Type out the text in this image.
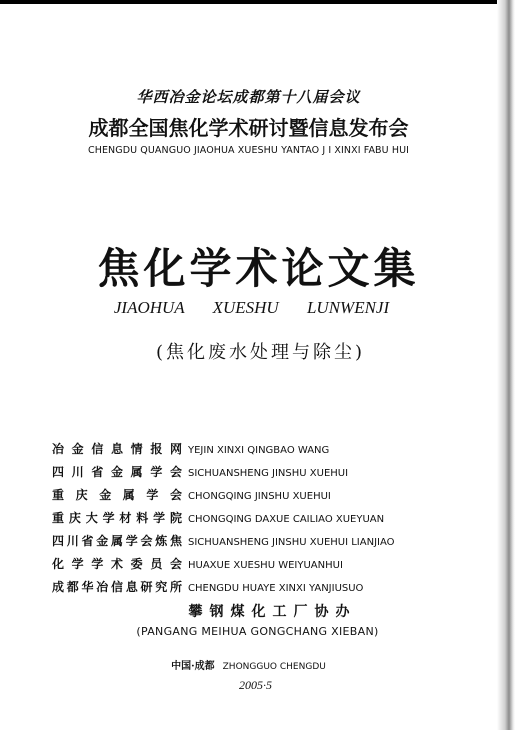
华西冶金论坛成都第十八届会议
成都全国焦化学术研讨暨信息发布会
CHENGDU QUANGUO JIAOHUA XUESHU YANTAO J I XINXI FABU HUI
焦化学术论文集
JIAOHUA XUESHU LUNWENJI
(焦化废水处理与除尘)
冶金信息情报网 YEJIN XINXI QINGBAO WANG
四川省金属学会 SICHUANSHENG JINSHU XUEHUI
重庆金属学会 CHONGQING JINSHU XUEHUI
重庆大学材料学院 CHONGQING DAXUE CAILIAO XUEYUAN
四川省金属学会炼焦 SICHUANSHENG JINSHU XUEHUI LIANJIAO
化学学术委员会 HUAXUE XUESHU WEIYUANHUI
成都华冶信息研究所 CHENGDU HUAYE XINXI YANJIUSUO
攀钢煤化工厂协办
(PANGANG MEIHUA GONGCHANG XIEBAN)
中国·成都 ZHONGGUO CHENGDU
2005·5
